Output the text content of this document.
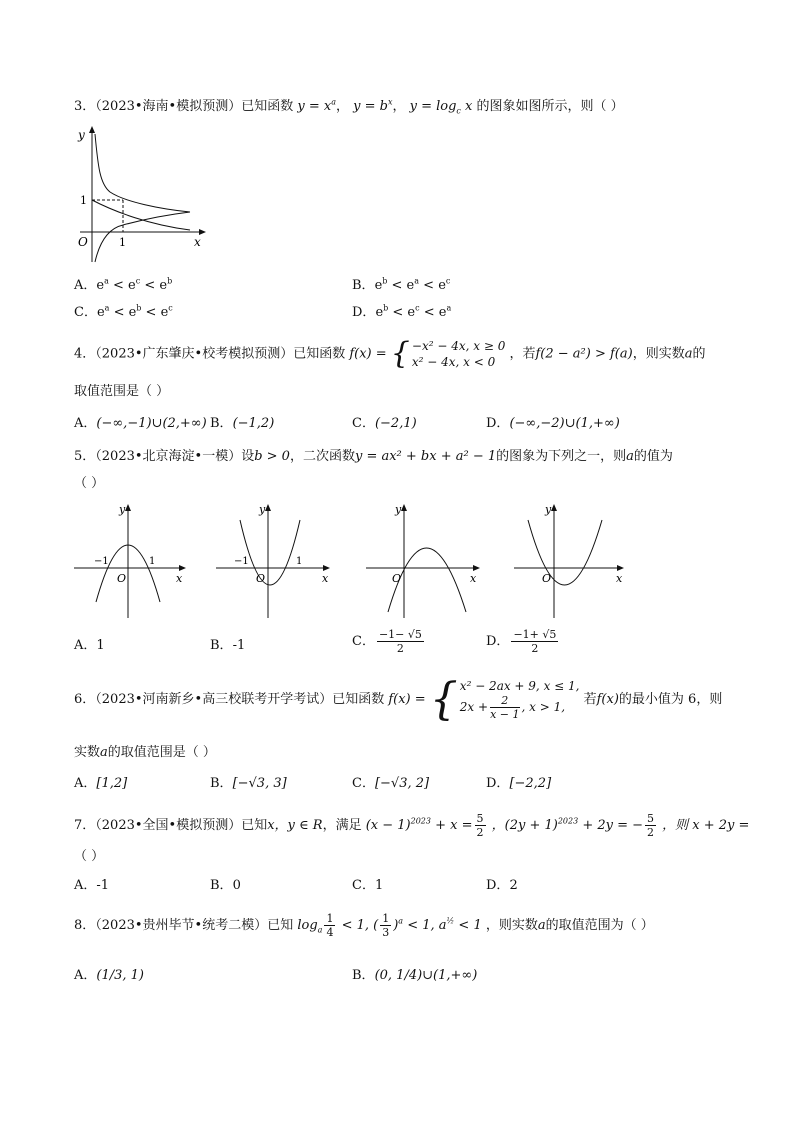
3．（2023•海南•模拟预测）已知函数 $y = x^a$， $y = b^x$， $y = \log_c x$ 的图象如图所示，则（ ）
y
x
O	1
1
A．$e^a < e^c < e^b$	B．$e^b < e^a < e^c$
C．$e^a < e^b < e^c$	D．$e^b < e^c < e^a$
4．（2023•广东肇庆•校考模拟预测）已知函数 f(x) = { −x² − 4x, x ≥ 0
x² − 4x, x < 0
，若f(2 − a²) > f(a)，则实数a的
取值范围是（ ）
A．(−∞,−1)∪(2,+∞) B．(−1,2)	C．(−2,1)	D．(−∞,−2)∪(1,+∞)
5．（2023•北京海淀•一模）设b > 0，二次函数y = ax² + bx + a² − 1的图象为下列之一，则a的值为
（ ）
y
x
O
−1	1
y
x
O
−1	1
y
x
O
y
x
O
A．1	B．-1	C． $\frac{-1- √5}{2}$	D． $\frac{-1+ √5}{2}$
6．（2023•河南新乡•高三校联考开学考试）已知函数 f(x) = { x² − 2ax + 9, x ≤ 1,
$2x + \frac{2}{x - 1}$ , x > 1,	若f(x)的最小值为 6，则
实数a的取值范围是（ ）
A．[1,2]	B．[−√3, 3]	C．[−√3, 2]	D．[−2,2]
7．（2023•全国•模拟预测）已知x，y ∈ R，满足 $(x - 1)^{2023} + x = \frac{5}{2}$ ，$(2y + 1)^{2023} + 2y$ = − $\frac{5}{2}$ ，则 x + 2y =
（ ）
A．-1	B．0	C．1	D．2
8．（2023•贵州毕节•统考二模）已知 $\log_a \frac{1}{4} < 1$, ( $\frac{1}{3} )^a < 1$, $a^{\frac{1}{2}} < 1$ ，则实数a的取值范围为（ ）
A．(1/3, 1)	B．(0, 1/4)∪(1,+∞)
